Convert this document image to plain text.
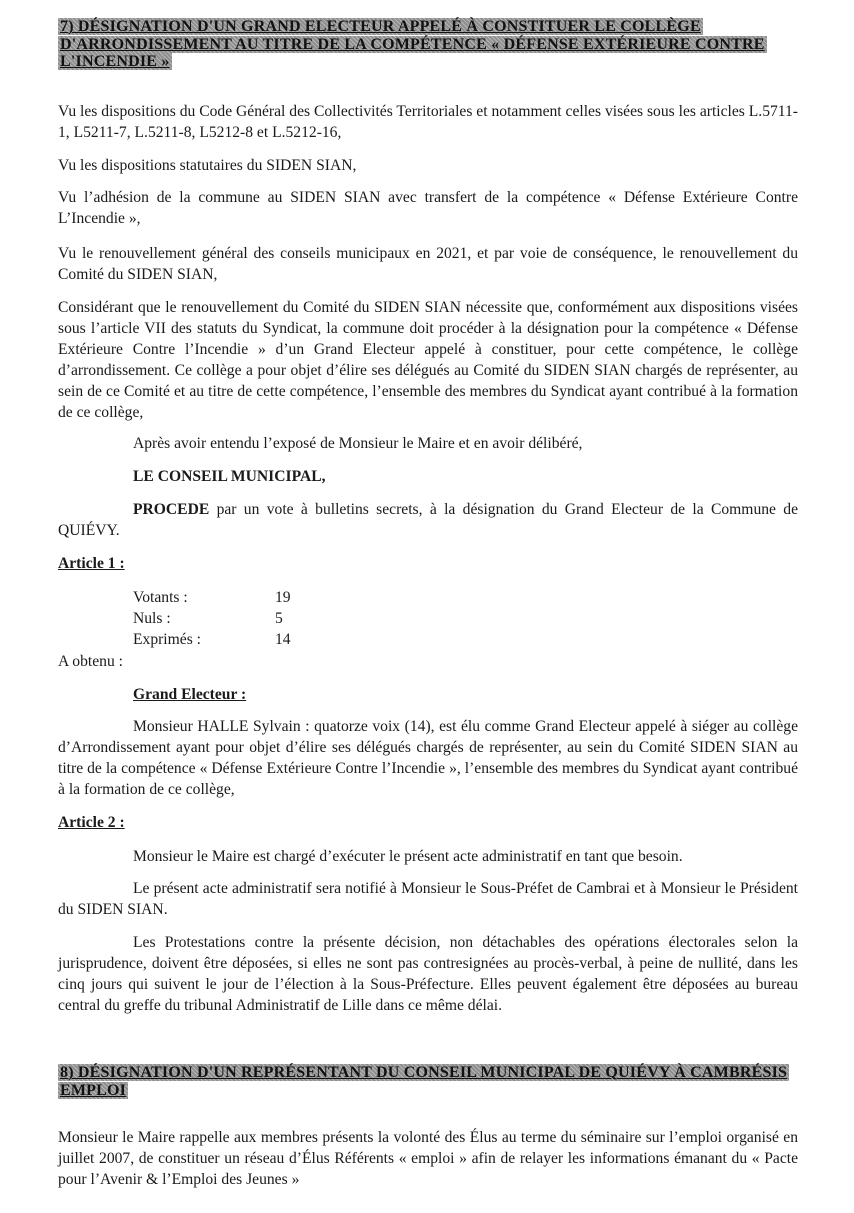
7) DÉSIGNATION D'UN GRAND ELECTEUR APPELÉ À CONSTITUER LE COLLÈGE D'ARRONDISSEMENT AU TITRE DE LA COMPÉTENCE « DÉFENSE EXTÉRIEURE CONTRE L'INCENDIE »
Vu les dispositions du Code Général des Collectivités Territoriales et notamment celles visées sous les articles L.5711-1, L5211-7, L.5211-8, L5212-8 et L.5212-16,
Vu les dispositions statutaires du SIDEN SIAN,
Vu l’adhésion de la commune au SIDEN SIAN avec transfert de la compétence « Défense Extérieure Contre L’Incendie »,
Vu le renouvellement général des conseils municipaux en 2021, et par voie de conséquence, le renouvellement du Comité du SIDEN SIAN,
Considérant que le renouvellement du Comité du SIDEN SIAN nécessite que, conformément aux dispositions visées sous l’article VII des statuts du Syndicat, la commune doit procéder à la désignation pour la compétence « Défense Extérieure Contre l’Incendie » d’un Grand Electeur appelé à constituer, pour cette compétence, le collège d’arrondissement. Ce collège a pour objet d’élire ses délégués au Comité du SIDEN SIAN chargés de représenter, au sein de ce Comité et au titre de cette compétence, l’ensemble des membres du Syndicat ayant contribué à la formation de ce collège,
Après avoir entendu l’exposé de Monsieur le Maire et en avoir délibéré,
LE CONSEIL MUNICIPAL,
PROCEDE par un vote à bulletins secrets, à la désignation du Grand Electeur de la Commune de QUIÉVY.
Article 1 :
Votants :	19
Nuls :	5
Exprimés :	14
A obtenu :
Grand Electeur :
Monsieur HALLE Sylvain : quatorze voix (14), est élu comme Grand Electeur appelé à siéger au collège d’Arrondissement ayant pour objet d’élire ses délégués chargés de représenter, au sein du Comité SIDEN SIAN au titre de la compétence « Défense Extérieure Contre l’Incendie », l’ensemble des membres du Syndicat ayant contribué à la formation de ce collège,
Article 2 :
Monsieur le Maire est chargé d’exécuter le présent acte administratif en tant que besoin.
Le présent acte administratif sera notifié à Monsieur le Sous-Préfet de Cambrai et à Monsieur le Président du SIDEN SIAN.
Les Protestations contre la présente décision, non détachables des opérations électorales selon la jurisprudence, doivent être déposées, si elles ne sont pas contresignées au procès-verbal, à peine de nullité, dans les cinq jours qui suivent le jour de l’élection à la Sous-Préfecture. Elles peuvent également être déposées au bureau central du greffe du tribunal Administratif de Lille dans ce même délai.
8) DÉSIGNATION D'UN REPRÉSENTANT DU CONSEIL MUNICIPAL DE QUIÉVY À CAMBRÉSIS EMPLOI
Monsieur le Maire rappelle aux membres présents la volonté des Élus au terme du séminaire sur l’emploi organisé en juillet 2007, de constituer un réseau d’Élus Référents « emploi » afin de relayer les informations émanant du « Pacte pour l’Avenir & l’Emploi des Jeunes »
